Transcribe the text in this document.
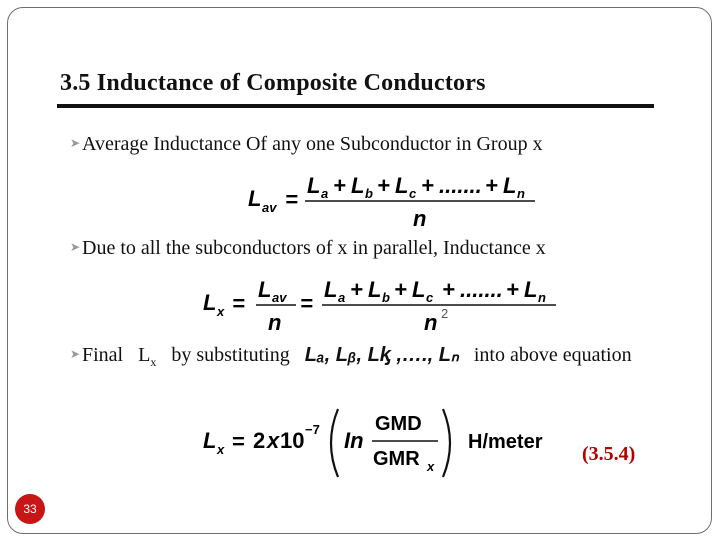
3.5 Inductance of Composite Conductors
➤Average Inductance Of any one Subconductor in Group x
L av =
L a + L b + L c + ....... + L n
n
➤Due to all the subconductors of x in parallel, Inductance x
L x =
L av
n
=
L a + L b + L c + ....... + L n
n 2
➤Final $L_x$ by substituting Lₐ, Lᵦ, Lᶄ ,…., Lₙ into above equation
L x = 2 x 10 −7 In
GMD
GMR x
H/meter
(3.5.4)
33
